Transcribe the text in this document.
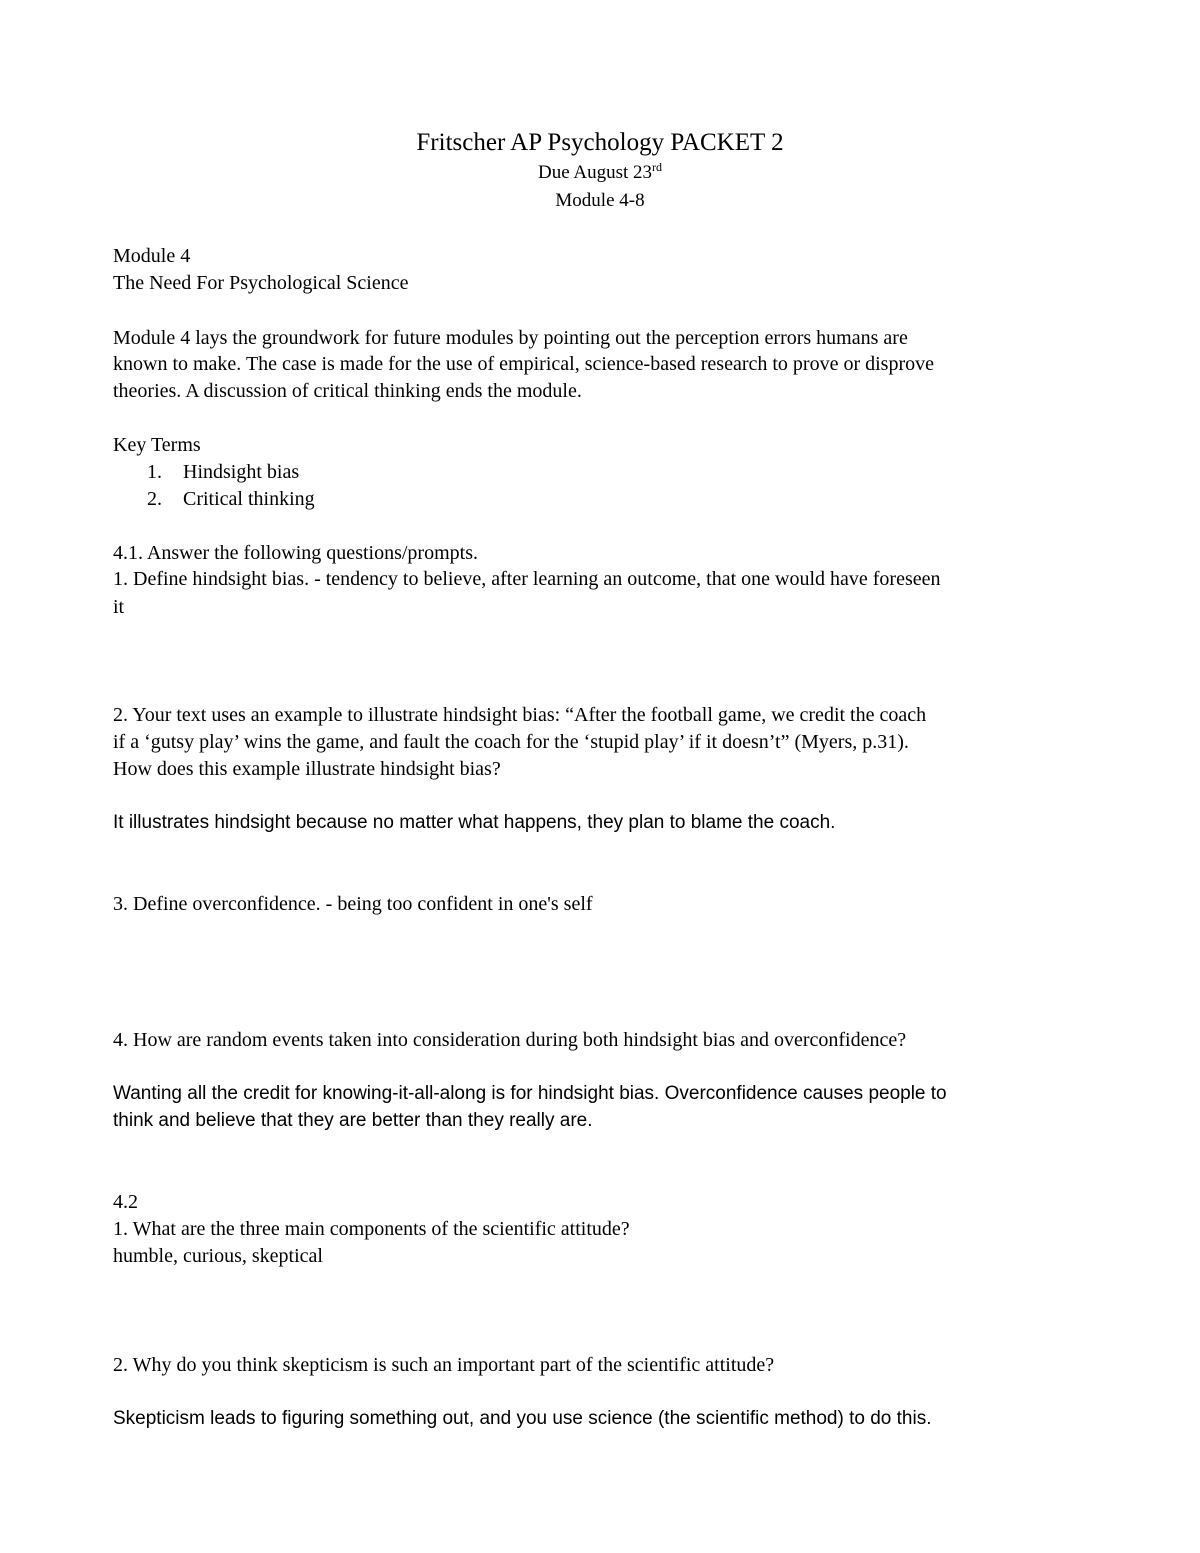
Fritscher AP Psychology PACKET 2
Due August 23rd
Module 4-8
Module 4
The Need For Psychological Science
Module 4 lays the groundwork for future modules by pointing out the perception errors humans are
known to make. The case is made for the use of empirical, science-based research to prove or disprove
theories. A discussion of critical thinking ends the module.
Key Terms
1. Hindsight bias
2. Critical thinking
4.1. Answer the following questions/prompts.
1. Define hindsight bias. - tendency to believe, after learning an outcome, that one would have foreseen
it
2. Your text uses an example to illustrate hindsight bias: “After the football game, we credit the coach
if a ‘gutsy play’ wins the game, and fault the coach for the ‘stupid play’ if it doesn’t” (Myers, p.31).
How does this example illustrate hindsight bias?
It illustrates hindsight because no matter what happens, they plan to blame the coach.
3. Define overconfidence. - being too confident in one's self
4. How are random events taken into consideration during both hindsight bias and overconfidence?
Wanting all the credit for knowing-it-all-along is for hindsight bias. Overconfidence causes people to
think and believe that they are better than they really are.
4.2
1. What are the three main components of the scientific attitude?
humble, curious, skeptical
2. Why do you think skepticism is such an important part of the scientific attitude?
Skepticism leads to figuring something out, and you use science (the scientific method) to do this.
